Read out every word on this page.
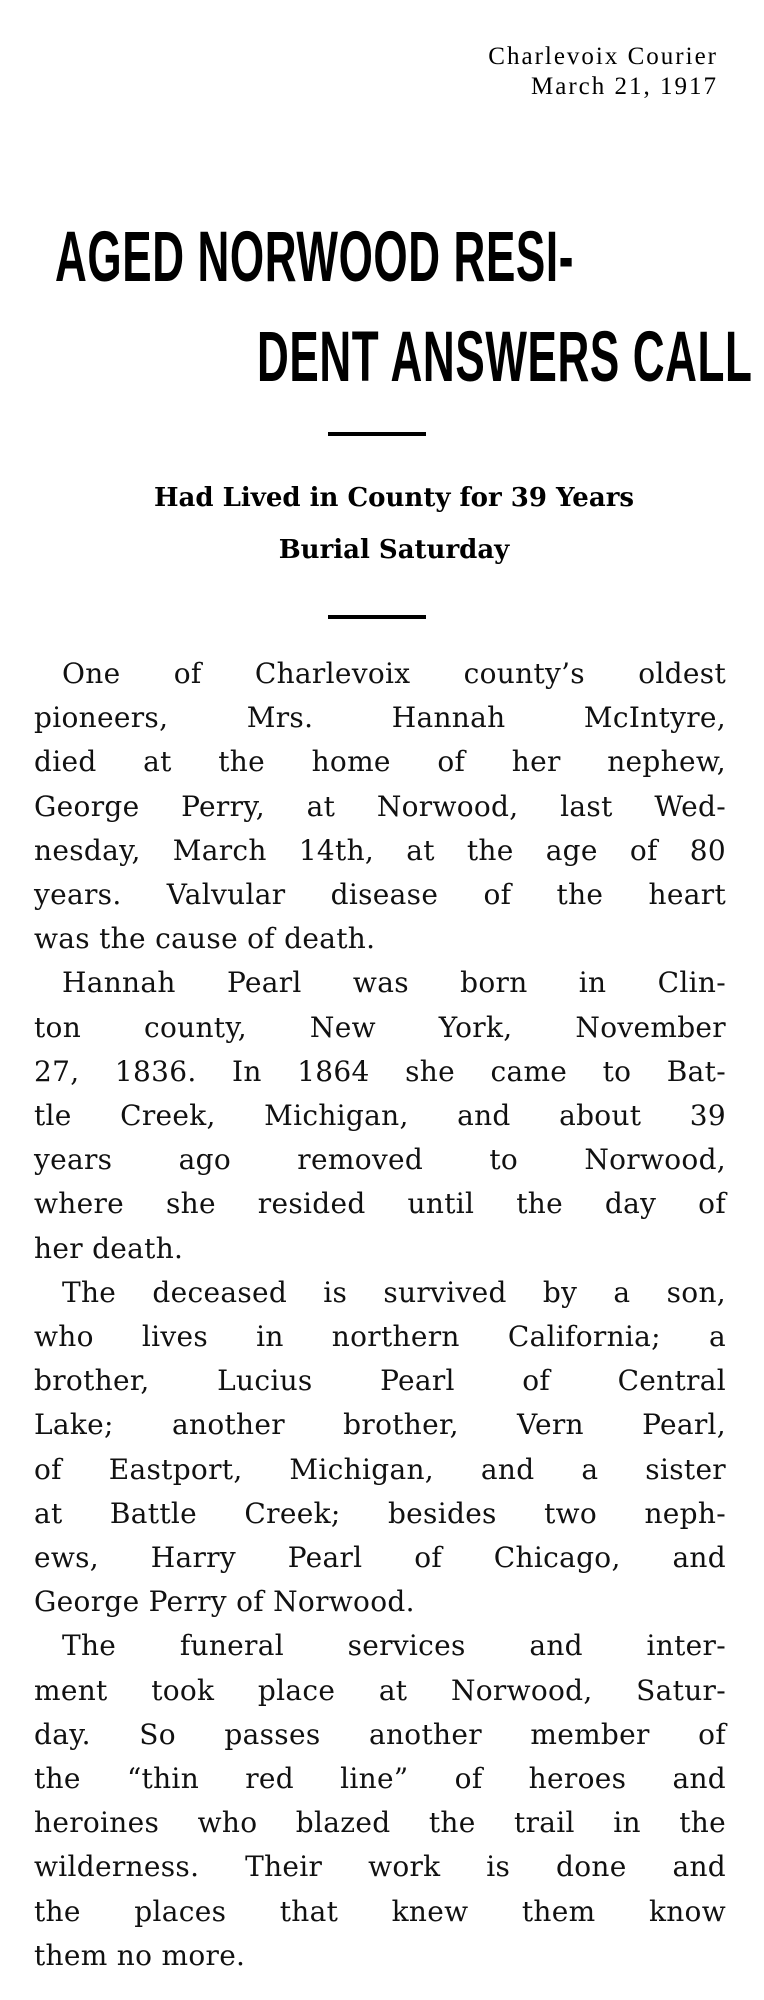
Charlevoix Courier
March 21, 1917
AGED NORWOOD RESI-
DENT ANSWERS CALL
Had Lived in County for 39 Years
Burial Saturday

One of Charlevoix county’s oldest
pioneers, Mrs. Hannah McIntyre,
died at the home of her nephew,
George Perry, at Norwood, last Wed-
nesday, March 14th, at the age of 80
years. Valvular disease of the heart
was the cause of death.

Hannah Pearl was born in Clin-
ton county, New York, November
27, 1836. In 1864 she came to Bat-
tle Creek, Michigan, and about 39
years ago removed to Norwood,
where she resided until the day of
her death.

The deceased is survived by a son,
who lives in northern California; a
brother, Lucius Pearl of Central
Lake; another brother, Vern Pearl,
of Eastport, Michigan, and a sister
at Battle Creek; besides two neph-
ews, Harry Pearl of Chicago, and
George Perry of Norwood.

The funeral services and inter-
ment took place at Norwood, Satur-
day. So passes another member of
the “thin red line” of heroes and
heroines who blazed the trail in the
wilderness. Their work is done and
the places that knew them know
them no more.
